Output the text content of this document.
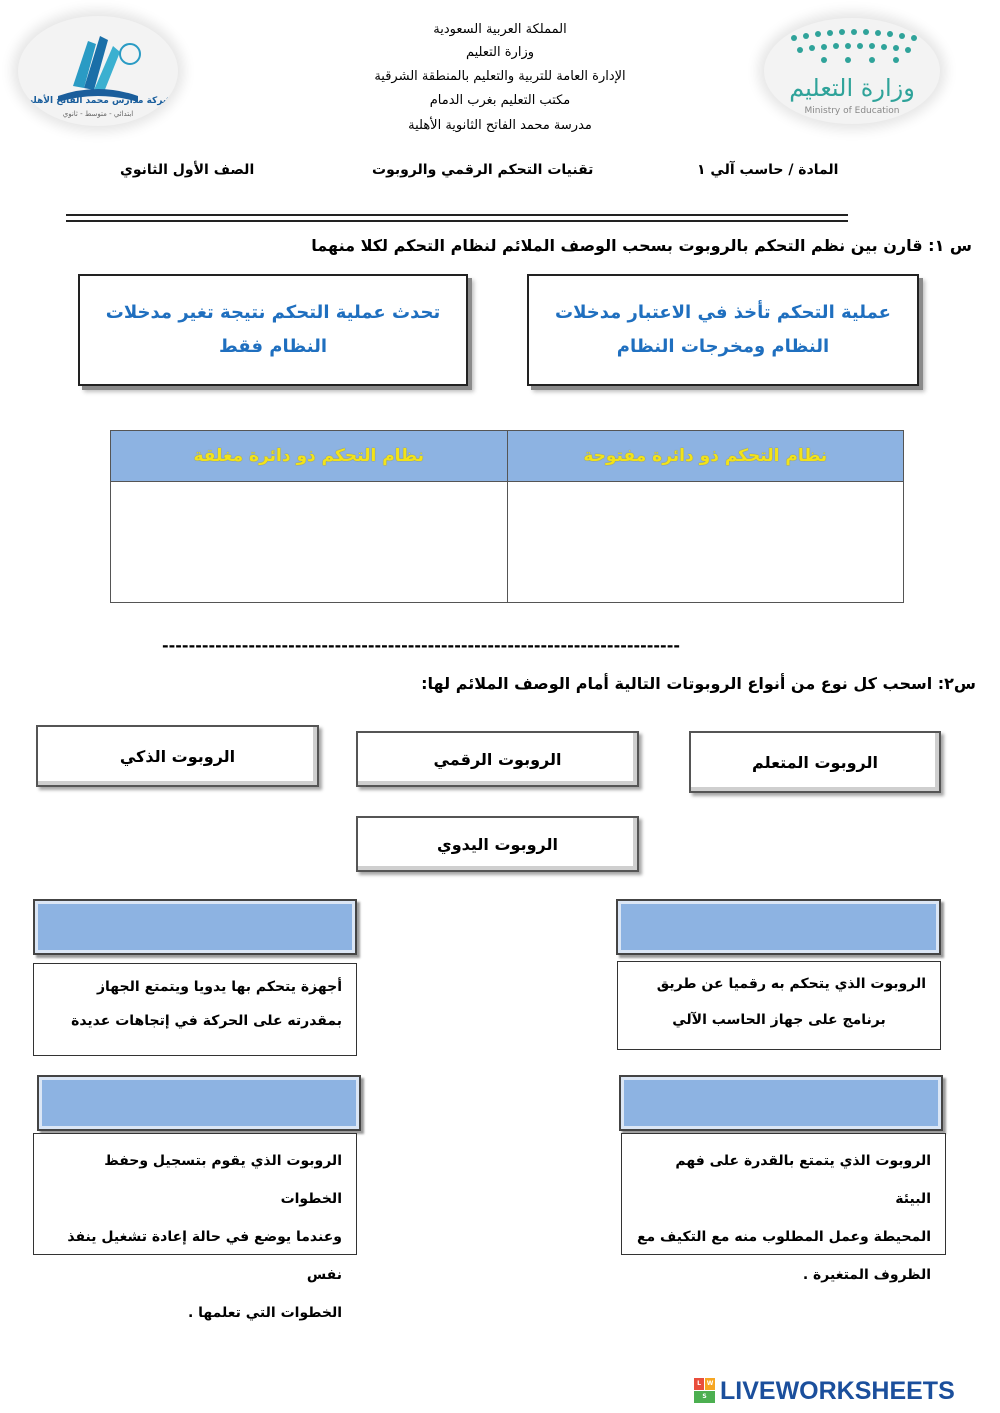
شركة مدارس محمد الفاتح الأهلية
ابتدائي - متوسط - ثانوي
وزارة التعليم
Ministry of Education
المملكة العربية السعودية
وزارة التعليم
الإدارة العامة للتربية والتعليم بالمنطقة الشرقية
مكتب التعليم بغرب الدمام
مدرسة محمد الفاتح الثانوية الأهلية
المادة / حاسب آلي ١
تقنيات التحكم الرقمي والروبوت
الصف الأول الثانوي
س ١: قارن بين نظم التحكم بالروبوت بسحب الوصف الملائم لنظام التحكم لكلا منهما
عملية التحكم تأخذ في الاعتبار مدخلات النظام ومخرجات النظام
تحدث عملية التحكم نتيجة تغير مدخلات النظام فقط
نظام التحكم ذو دائرة مغلقة	نظام التحكم ذو دائرة مفتوحة

------------------------------------------------------------------------------
س٢: اسحب كل نوع من أنواع الروبوتات التالية أمام الوصف الملائم لها:
الروبوت المتعلم
الروبوت الرقمي
الروبوت الذكي
الروبوت اليدوي
الروبوت الذي يتحكم به رقميا عن طريق
برنامج على جهاز الحاسب الآلي
أجهزة يتحكم بها يدويا ويتمتع الجهاز
بمقدرته على الحركة في إتجاهات عديدة
الروبوت الذي يتمتع بالقدرة على فهم البيئة
المحيطة وعمل المطلوب منه مع التكيف مع
الظروف المتغيرة .
الروبوت الذي يقوم بتسجيل وحفظ الخطوات
وعندما يوضع في حالة إعادة تشغيل ينفذ نفس
الخطوات التي تعلمها .
L W
S LIVE WORKSHEETS
